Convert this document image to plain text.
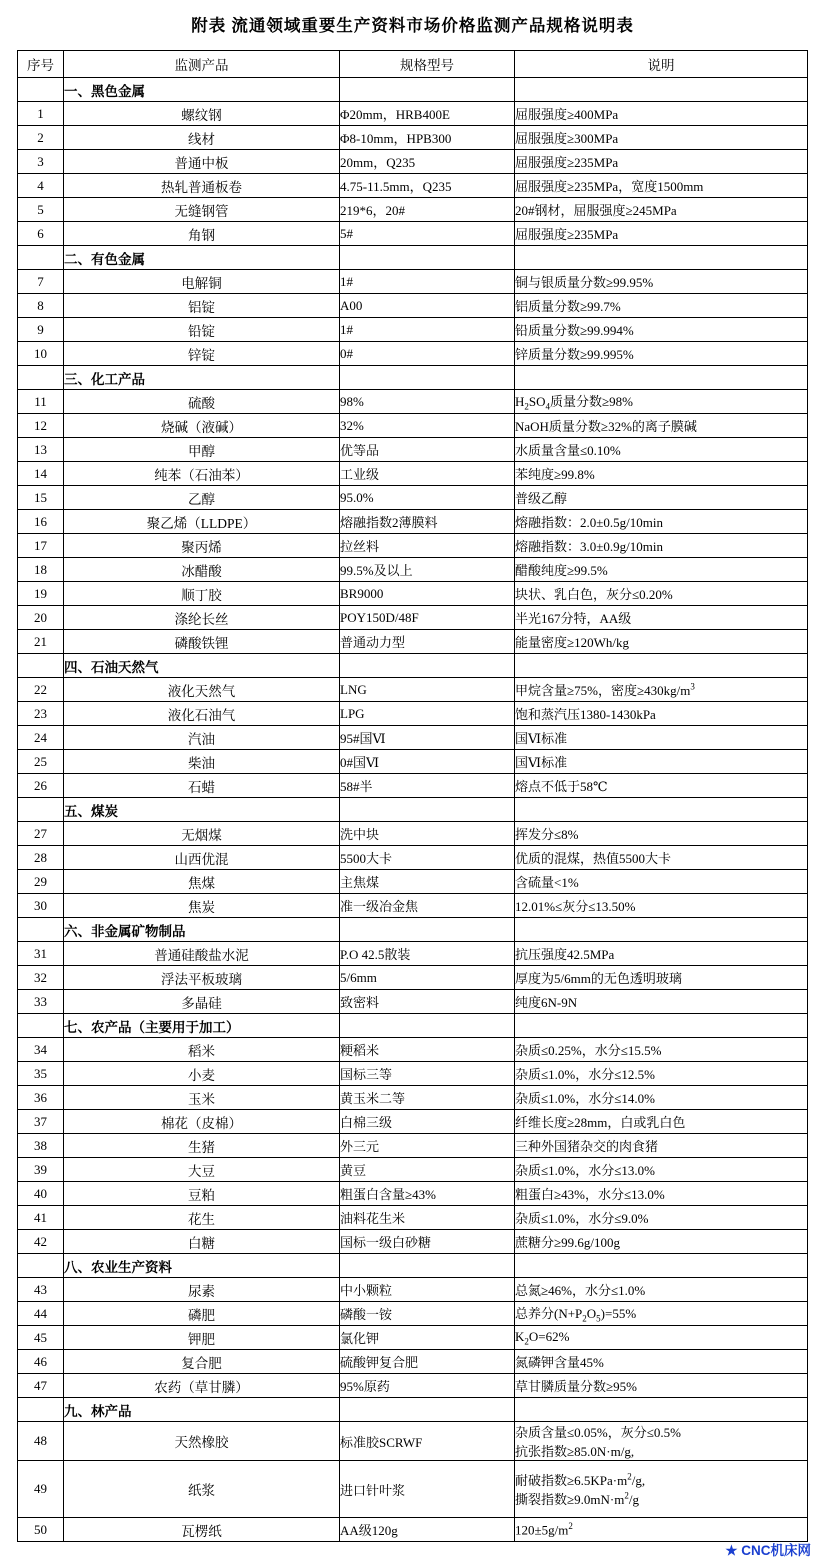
附表 流通领域重要生产资料市场价格监测产品规格说明表
序号	监测产品	规格型号	说明
	一、黑色金属		
1	螺纹钢	Φ20mm，HRB400E	屈服强度≥400MPa
2	线材	Φ8-10mm，HPB300	屈服强度≥300MPa
3	普通中板	20mm，Q235	屈服强度≥235MPa
4	热轧普通板卷	4.75-11.5mm，Q235	屈服强度≥235MPa，宽度1500mm
5	无缝钢管	219*6，20#	20#钢材，屈服强度≥245MPa
6	角钢	5#	屈服强度≥235MPa
	二、有色金属		
7	电解铜	1#	铜与银质量分数≥99.95%
8	铝锭	A00	铝质量分数≥99.7%
9	铅锭	1#	铅质量分数≥99.994%
10	锌锭	0#	锌质量分数≥99.995%
	三、化工产品		
11	硫酸	98%	$H_2SO_4$质量分数≥98%
12	烧碱（液碱）	32%	NaOH质量分数≥32%的离子膜碱
13	甲醇	优等品	水质量含量≤0.10%
14	纯苯（石油苯）	工业级	苯纯度≥99.8%
15	乙醇	95.0%	普级乙醇
16	聚乙烯（LLDPE）	熔融指数2薄膜料	熔融指数：2.0±0.5g/10min
17	聚丙烯	拉丝料	熔融指数：3.0±0.9g/10min
18	冰醋酸	99.5%及以上	醋酸纯度≥99.5%
19	顺丁胶	BR9000	块状、乳白色，灰分≤0.20%
20	涤纶长丝	POY150D/48F	半光167分特，AA级
21	磷酸铁锂	普通动力型	能量密度≥120Wh/kg
	四、石油天然气		
22	液化天然气	LNG	甲烷含量≥75%，密度$\ge 430kg/m^3$
23	液化石油气	LPG	饱和蒸汽压1380-1430kPa
24	汽油	95#国Ⅵ	国Ⅵ标准
25	柴油	0#国Ⅵ	国Ⅵ标准
26	石蜡	58#半	熔点不低于58℃
	五、煤炭		
27	无烟煤	洗中块	挥发分≤8%
28	山西优混	5500大卡	优质的混煤，热值5500大卡
29	焦煤	主焦煤	含硫量<1%
30	焦炭	准一级冶金焦	12.01%≤灰分≤13.50%
	六、非金属矿物制品		
31	普通硅酸盐水泥	P.O 42.5散装	抗压强度42.5MPa
32	浮法平板玻璃	5/6mm	厚度为5/6mm的无色透明玻璃
33	多晶硅	致密料	纯度6N-9N
	七、农产品（主要用于加工）		
34	稻米	粳稻米	杂质≤0.25%，水分≤15.5%
35	小麦	国标三等	杂质≤1.0%，水分≤12.5%
36	玉米	黄玉米二等	杂质≤1.0%，水分≤14.0%
37	棉花（皮棉）	白棉三级	纤维长度≥28mm，白或乳白色
38	生猪	外三元	三种外国猪杂交的肉食猪
39	大豆	黄豆	杂质≤1.0%，水分≤13.0%
40	豆粕	粗蛋白含量≥43%	粗蛋白≥43%，水分≤13.0%
41	花生	油料花生米	杂质≤1.0%，水分≤9.0%
42	白糖	国标一级白砂糖	蔗糖分≥99.6g/100g
	八、农业生产资料		
43	尿素	中小颗粒	总氮≥46%，水分≤1.0%
44	磷肥	磷酸一铵	总养分$(N+P_2O_5)=55\%$
45	钾肥	氯化钾	$K_2O=62\%$
46	复合肥	硫酸钾复合肥	氮磷钾含量45%
47	农药（草甘膦）	95%原药	草甘膦质量分数≥95%
	九、林产品		
48	天然橡胶	标准胶SCRWF	杂质含量≤0.05%，灰分≤0.5%
抗张指数≥85.0N·m/g,
49	纸浆	进口针叶浆	耐破指数$\ge 6.5KPa\cdot m^2/g$,
撕裂指数$\ge 9.0mN\cdot m^2/g$
50	瓦楞纸	AA级120g	$120\pm 5g/m^2$
★ CNC机床网
